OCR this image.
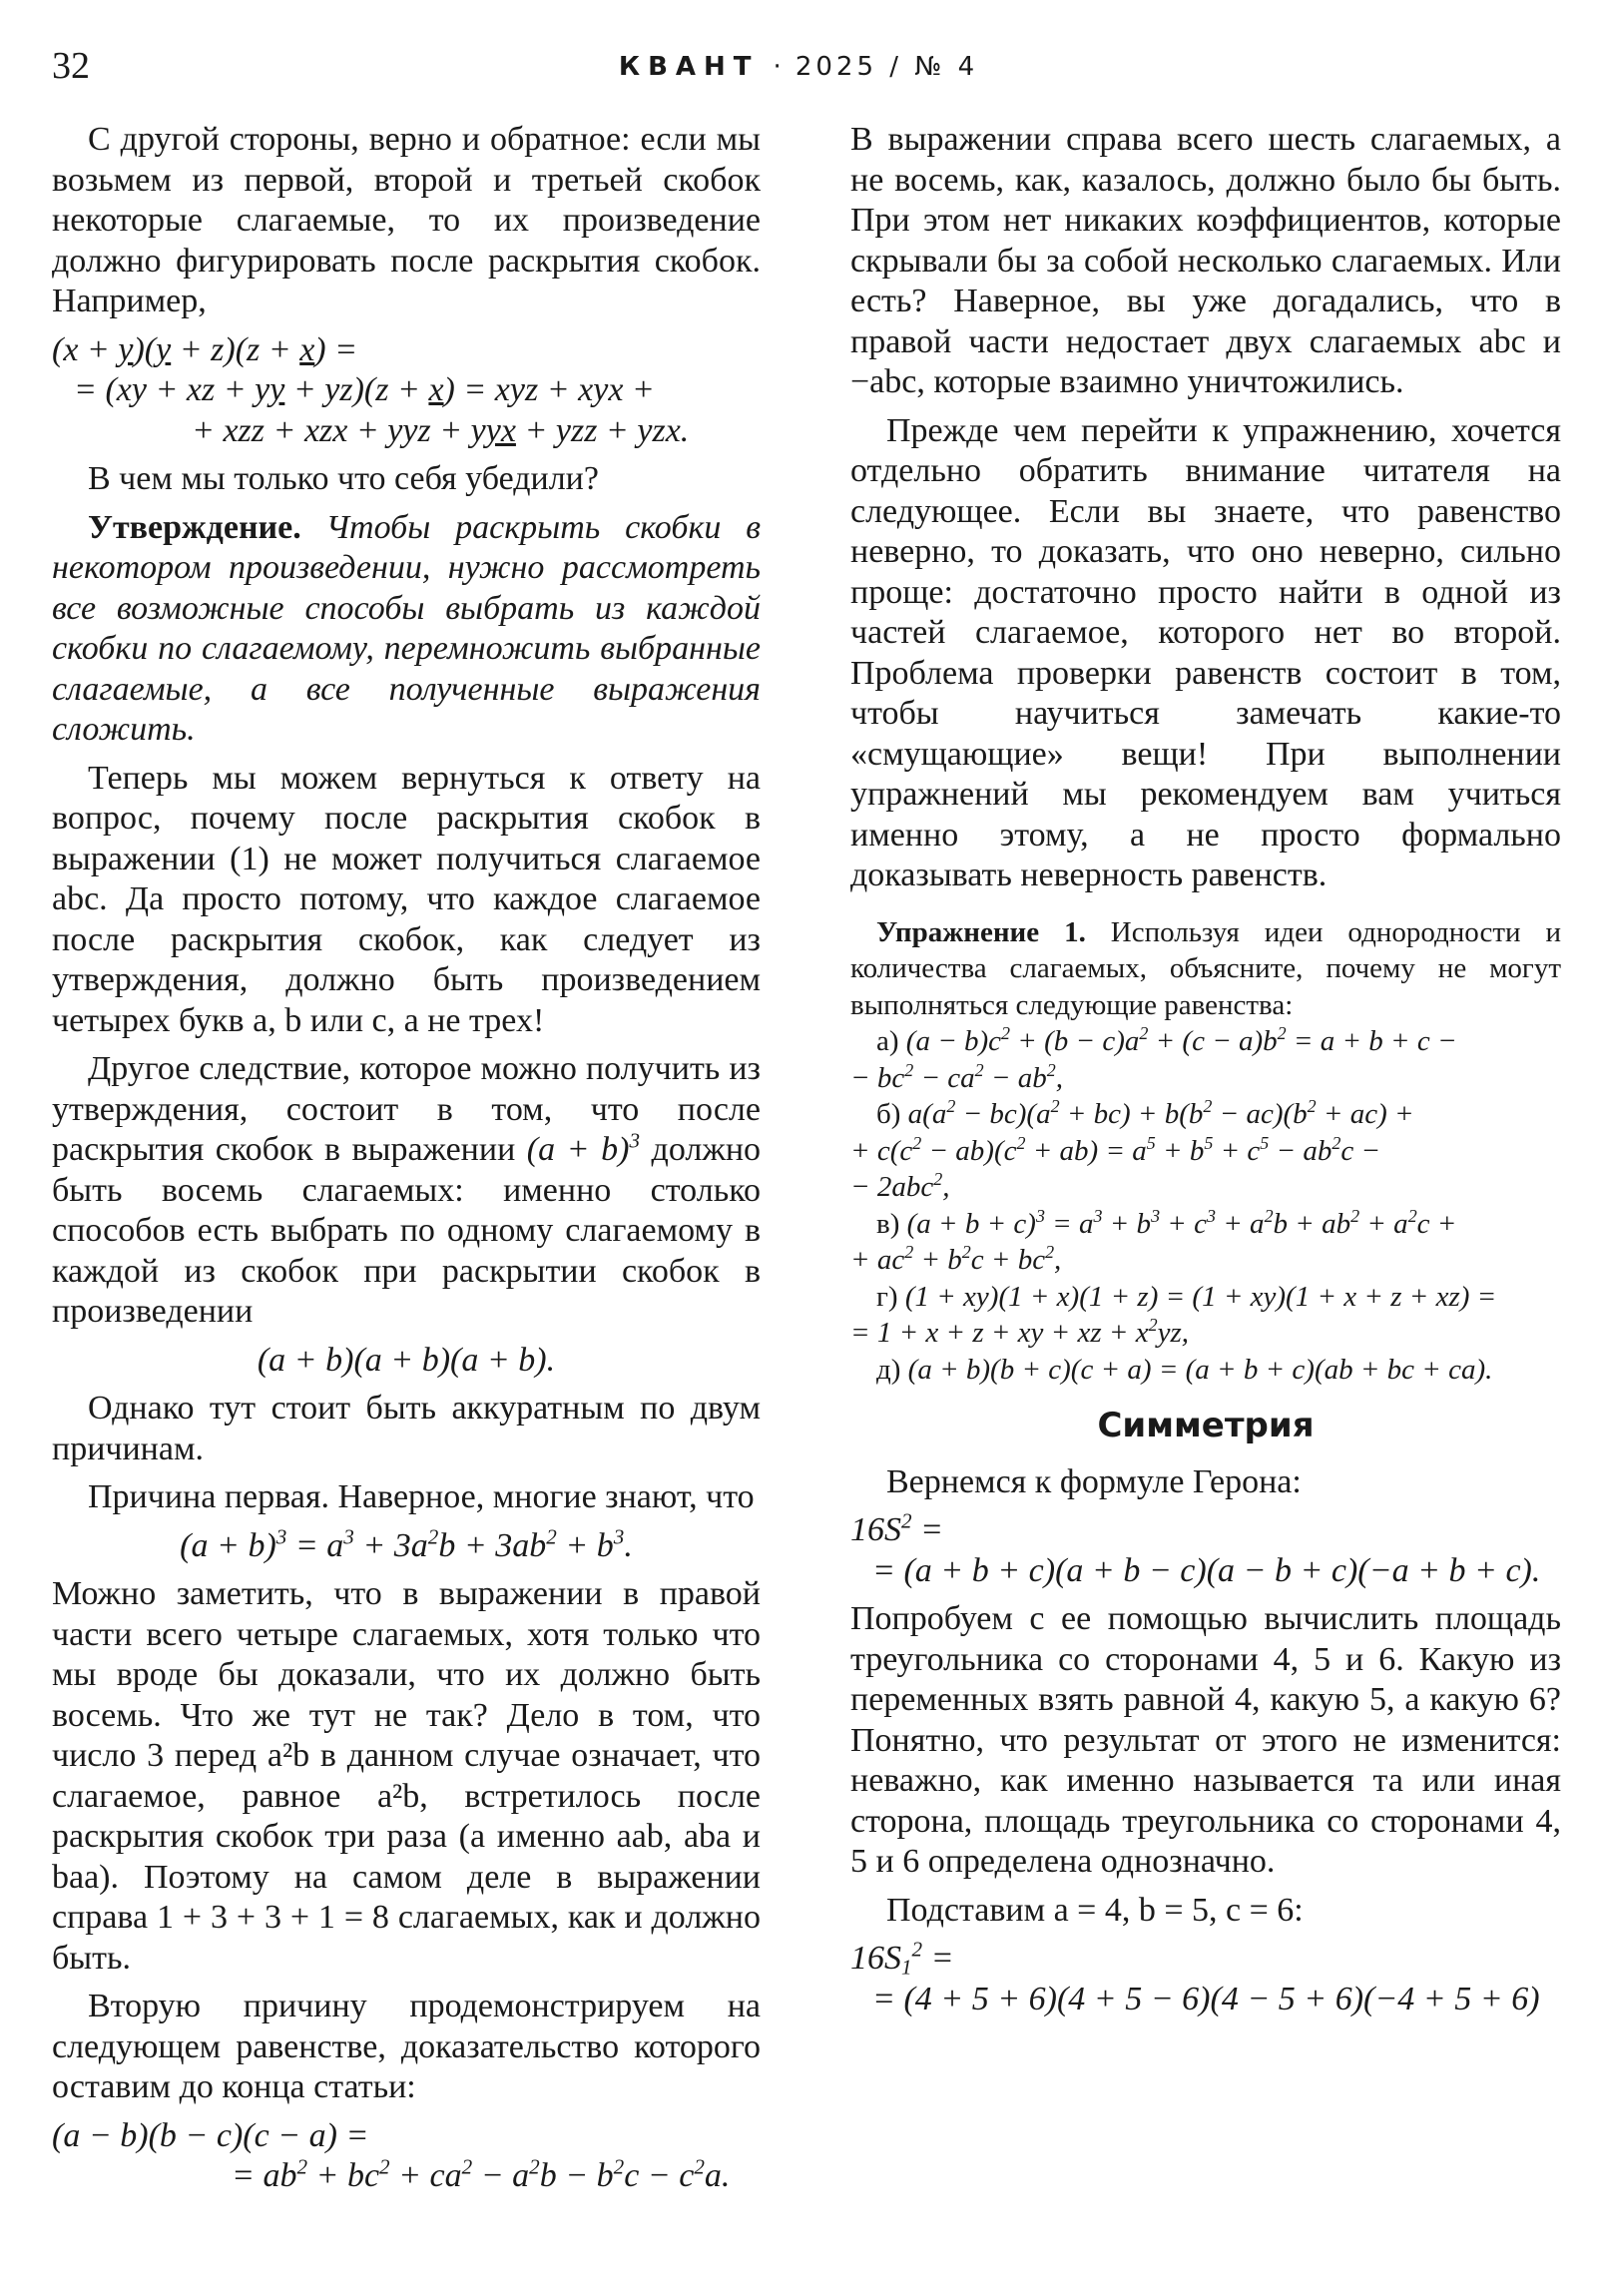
32	КВАНТ · 2025 / № 4

С другой стороны, верно и обратное: если мы возьмем из первой, второй и третьей скобок некоторые слагаемые, то их произведение должно фигурировать после раскрытия скобок. Например,

(x + y)(y + z)(z + x) =
= (xy + xz + yy + yz)(z + x) = xyz + xyx +
+ xzz + xzx + yyz + yyx + yzz + yzx.

В чем мы только что себя убедили?

Утверждение. Чтобы раскрыть скобки в некотором произведении, нужно рассмотреть все возможные способы выбрать из каждой скобки по слагаемому, перемножить выбранные слагаемые, а все полученные выражения сложить.

Теперь мы можем вернуться к ответу на вопрос, почему после раскрытия скобок в выражении (1) не может получиться слагаемое abc. Да просто потому, что каждое слагаемое после раскрытия скобок, как следует из утверждения, должно быть произведением четырех букв a, b или c, а не трех!

Другое следствие, которое можно получить из утверждения, состоит в том, что после раскрытия скобок в выражении $(a + b)^3$ должно быть восемь слагаемых: именно столько способов есть выбрать по одному слагаемому в каждой из скобок при раскрытии скобок в произведении

(a + b)(a + b)(a + b).

Однако тут стоит быть аккуратным по двум причинам.

Причина первая. Наверное, многие знают, что

$(a + b)^3 = a^3 + 3a^2b + 3ab^2 + b^3$.

Можно заметить, что в выражении в правой части всего четыре слагаемых, хотя только что мы вроде бы доказали, что их должно быть восемь. Что же тут не так? Дело в том, что число 3 перед a²b в данном случае означает, что слагаемое, равное a²b, встретилось после раскрытия скобок три раза (а именно aab, aba и baa). Поэтому на самом деле в выражении справа 1 + 3 + 3 + 1 = 8 слагаемых, как и должно быть.

Вторую причину продемонстрируем на следующем равенстве, доказательство которого оставим до конца статьи:

(a − b)(b − c)(c − a) =
= $ab^2 + bc^2 + ca^2 - a^2b - b^2c - c^2a$.

В выражении справа всего шесть слагаемых, а не восемь, как, казалось, должно было бы быть. При этом нет никаких коэффициентов, которые скрывали бы за собой несколько слагаемых. Или есть? Наверное, вы уже догадались, что в правой части недостает двух слагаемых abc и −abc, которые взаимно уничтожились.

Прежде чем перейти к упражнению, хочется отдельно обратить внимание читателя на следующее. Если вы знаете, что равенство неверно, то доказать, что оно неверно, сильно проще: достаточно просто найти в одной из частей слагаемое, которого нет во второй. Проблема проверки равенств состоит в том, чтобы научиться замечать какие-то «смущающие» вещи! При выполнении упражнений мы рекомендуем вам учиться именно этому, а не просто формально доказывать неверность равенств.

Упражнение 1. Используя идеи однородности и количества слагаемых, объясните, почему не могут выполняться следующие равенства:
а) $(a - b)c^2 + (b - c)a^2 + (c - a)b^2 = a + b + c$ −
− $bc^2 - ca^2 - ab^2$,
б) $a(a^2 - bc)(a^2 + bc) + b(b^2 - ac)(b^2 + ac)$ +
+ $c(c^2 - ab)(c^2 + ab) = a^5 + b^5 + c^5 - ab^2c$ −
− 2abc$^2$,
в) $(a + b + c)^3 = a^3 + b^3 + c^3 + a^2b + ab^2 + a^2c$ +
+ $ac^2 + b^2c + bc^2$,
г) (1 + xy)(1 + x)(1 + z) = (1 + xy)(1 + x + z + xz) =
= 1 + x + z + xy + xz + $x^2yz$,
д) (a + b)(b + c)(c + a) = (a + b + c)(ab + bc + ca).
Симметрия

Вернемся к формуле Герона:

$16S^2$ =
= (a + b + c)(a + b − c)(a − b + c)(−a + b + c).

Попробуем с ее помощью вычислить площадь треугольника со сторонами 4, 5 и 6. Какую из переменных взять равной 4, какую 5, а какую 6? Понятно, что результат от этого не изменится: неважно, как именно называется та или иная сторона, площадь треугольника со сторонами 4, 5 и 6 определена однозначно.

Подставим a = 4, b = 5, c = 6:

$16S_1^2$ =
= (4 + 5 + 6)(4 + 5 − 6)(4 − 5 + 6)(−4 + 5 + 6)
